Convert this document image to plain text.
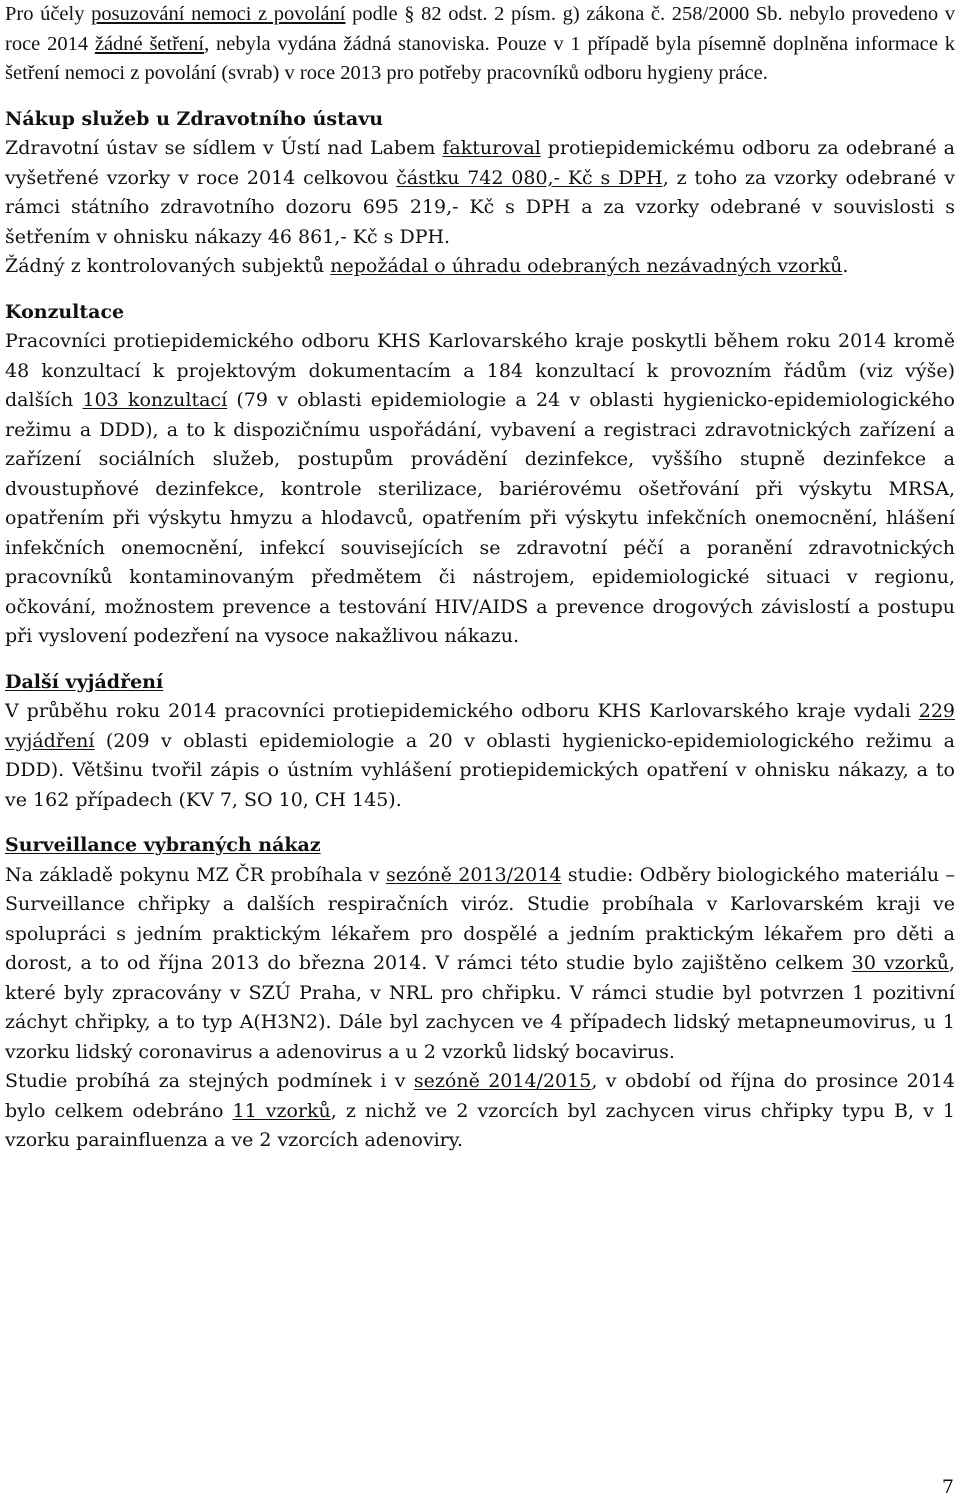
Pro účely posuzování nemoci z povolání podle § 82 odst. 2 písm. g) zákona č. 258/2000 Sb. nebylo provedeno v roce 2014 žádné šetření, nebyla vydána žádná stanoviska. Pouze v 1 případě byla písemně doplněna informace k šetření nemoci z povolání (svrab) v roce 2013 pro potřeby pracovníků odboru hygieny práce.

Nákup služeb u Zdravotního ústavu

Zdravotní ústav se sídlem v Ústí nad Labem fakturoval protiepidemickému odboru za odebrané a vyšetřené vzorky v roce 2014 celkovou částku 742 080,- Kč s DPH, z toho za vzorky odebrané v rámci státního zdravotního dozoru 695 219,- Kč s DPH a za vzorky odebrané v souvislosti s šetřením v ohnisku nákazy 46 861,- Kč s DPH.

Žádný z kontrolovaných subjektů nepožádal o úhradu odebraných nezávadných vzorků.

Konzultace

Pracovníci protiepidemického odboru KHS Karlovarského kraje poskytli během roku 2014 kromě 48 konzultací k projektovým dokumentacím a 184 konzultací k provozním řádům (viz výše) dalších 103 konzultací (79 v oblasti epidemiologie a 24 v oblasti hygienicko-epidemiologického režimu a DDD), a to k dispozičnímu uspořádání, vybavení a registraci zdravotnických zařízení a zařízení sociálních služeb, postupům provádění dezinfekce, vyššího stupně dezinfekce a dvoustupňové dezinfekce, kontrole sterilizace, bariérovému ošetřování při výskytu MRSA, opatřením při výskytu hmyzu a hlodavců, opatřením při výskytu infekčních onemocnění, hlášení infekčních onemocnění, infekcí souvisejících se zdravotní péčí a poranění zdravotnických pracovníků kontaminovaným předmětem či nástrojem, epidemiologické situaci v regionu, očkování, možnostem prevence a testování HIV/AIDS a prevence drogových závislostí a postupu při vyslovení podezření na vysoce nakažlivou nákazu.

Další vyjádření

V průběhu roku 2014 pracovníci protiepidemického odboru KHS Karlovarského kraje vydali 229 vyjádření (209 v oblasti epidemiologie a 20 v oblasti hygienicko-epidemiologického režimu a DDD). Většinu tvořil zápis o ústním vyhlášení protiepidemických opatření v ohnisku nákazy, a to ve 162 případech (KV 7, SO 10, CH 145).

Surveillance vybraných nákaz

Na základě pokynu MZ ČR probíhala v sezóně 2013/2014 studie: Odběry biologického materiálu – Surveillance chřipky a dalších respiračních viróz. Studie probíhala v Karlovarském kraji ve spolupráci s jedním praktickým lékařem pro dospělé a jedním praktickým lékařem pro děti a dorost, a to od října 2013 do března 2014. V rámci této studie bylo zajištěno celkem 30 vzorků, které byly zpracovány v SZÚ Praha, v NRL pro chřipku. V rámci studie byl potvrzen 1 pozitivní záchyt chřipky, a to typ A(H3N2). Dále byl zachycen ve 4 případech lidský metapneumovirus, u 1 vzorku lidský coronavirus a adenovirus a u 2 vzorků lidský bocavirus.

Studie probíhá za stejných podmínek i v sezóně 2014/2015, v období od října do prosince 2014 bylo celkem odebráno 11 vzorků, z nichž ve 2 vzorcích byl zachycen virus chřipky typu B, v 1 vzorku parainfluenza a ve 2 vzorcích adenoviry.

7
